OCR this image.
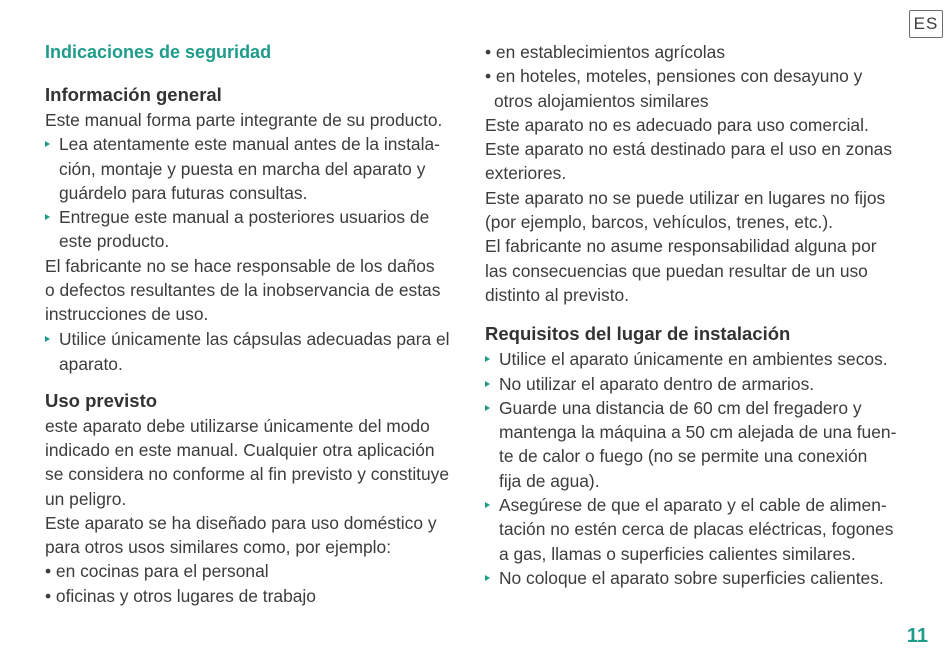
ES
Indicaciones de seguridad
Información general

Este manual forma parte integrante de su producto.

Lea atentamente este manual antes de la instala-
ción, montaje y puesta en marcha del aparato y
guárdelo para futuras consultas.
Entregue este manual a posteriores usuarios de
este producto.

El fabricante no se hace responsable de los daños
o defectos resultantes de la inobservancia de estas
instrucciones de uso.

Utilice únicamente las cápsulas adecuadas para el
aparato.
Uso previsto

este aparato debe utilizarse únicamente del modo
indicado en este manual. Cualquier otra aplicación
se considera no conforme al fin previsto y constituye
un peligro.

Este aparato se ha diseñado para uso doméstico y
para otros usos similares como, por ejemplo:

• en cocinas para el personal

• oficinas y otros lugares de trabajo

• en establecimientos agrícolas

• en hoteles, moteles, pensiones con desayuno y
otros alojamientos similares

Este aparato no es adecuado para uso comercial.

Este aparato no está destinado para el uso en zonas
exteriores.

Este aparato no se puede utilizar en lugares no fijos
(por ejemplo, barcos, vehículos, trenes, etc.).

El fabricante no asume responsabilidad alguna por
las consecuencias que puedan resultar de un uso
distinto al previsto.

Requisitos del lugar de instalación
Utilice el aparato únicamente en ambientes secos.
No utilizar el aparato dentro de armarios.
Guarde una distancia de 60 cm del fregadero y
mantenga la máquina a 50 cm alejada de una fuen-
te de calor o fuego (no se permite una conexión
fija de agua).
Asegúrese de que el aparato y el cable de alimen-
tación no estén cerca de placas eléctricas, fogones
a gas, llamas o superficies calientes similares.
No coloque el aparato sobre superficies calientes.
11
